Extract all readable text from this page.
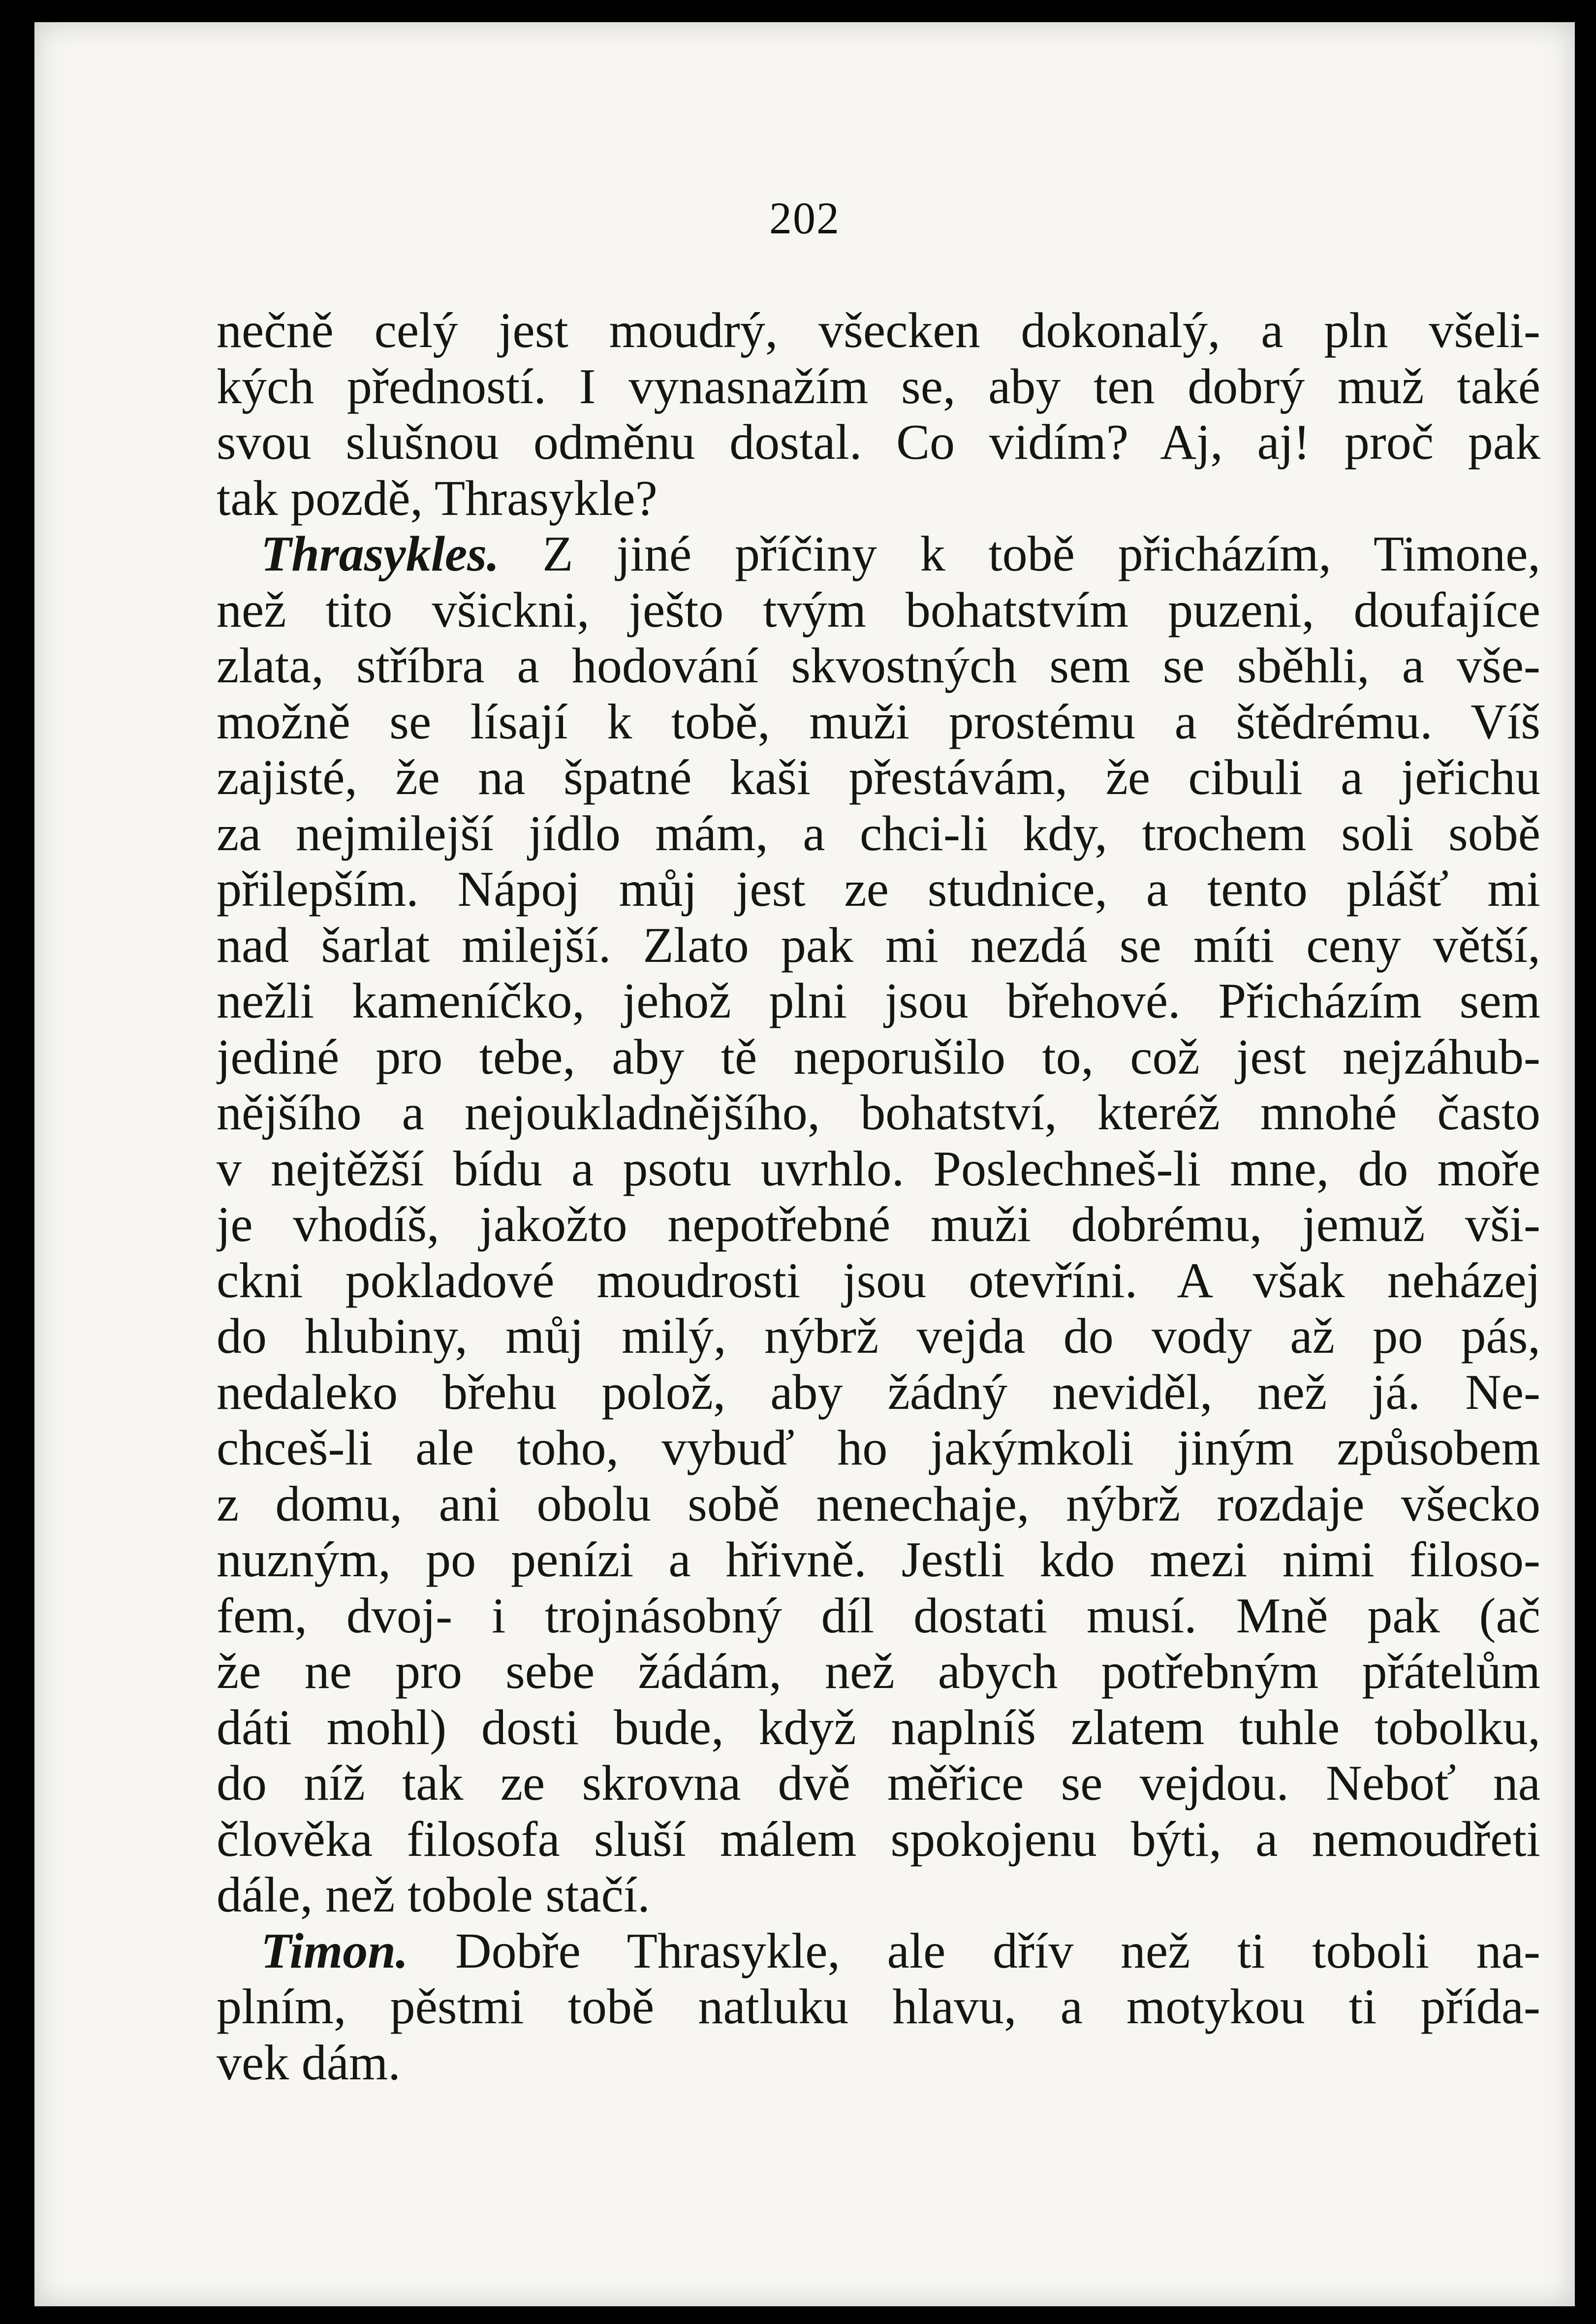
202
nečně celý jest moudrý, všecken dokonalý, a pln všeli-
kých předností. I vynasnažím se, aby ten dobrý muž také
svou slušnou odměnu dostal. Co vidím? Aj, aj! proč pak
tak pozdě, Thrasykle?
Thrasykles. Z jiné příčiny k tobě přicházím, Timone,
než tito všickni, ješto tvým bohatstvím puzeni, doufajíce
zlata, stříbra a hodování skvostných sem se sběhli, a vše-
možně se lísají k tobě, muži prostému a štědrému. Víš
zajisté, že na špatné kaši přestávám, že cibuli a jeřichu
za nejmilejší jídlo mám, a chci-li kdy, trochem soli sobě
přilepším. Nápoj můj jest ze studnice, a tento plášť mi
nad šarlat milejší. Zlato pak mi nezdá se míti ceny větší,
nežli kameníčko, jehož plni jsou břehové. Přicházím sem
jediné pro tebe, aby tě neporušilo to, což jest nejzáhub-
nějšího a nejoukladnějšího, bohatství, kteréž mnohé často
v nejtěžší bídu a psotu uvrhlo. Poslechneš-li mne, do moře
je vhodíš, jakožto nepotřebné muži dobrému, jemuž vši-
ckni pokladové moudrosti jsou otevříni. A však neházej
do hlubiny, můj milý, nýbrž vejda do vody až po pás,
nedaleko břehu polož, aby žádný neviděl, než já. Ne-
chceš-li ale toho, vybuď ho jakýmkoli jiným způsobem
z domu, ani obolu sobě nenechaje, nýbrž rozdaje všecko
nuzným, po penízi a hřivně. Jestli kdo mezi nimi filoso-
fem, dvoj- i trojnásobný díl dostati musí. Mně pak (ač
že ne pro sebe žádám, než abych potřebným přátelům
dáti mohl) dosti bude, když naplníš zlatem tuhle tobolku,
do níž tak ze skrovna dvě měřice se vejdou. Neboť na
člověka filosofa sluší málem spokojenu býti, a nemoudřeti
dále, než tobole stačí.
Timon. Dobře Thrasykle, ale dřív než ti toboli na-
plním, pěstmi tobě natluku hlavu, a motykou ti přída-
vek dám.
